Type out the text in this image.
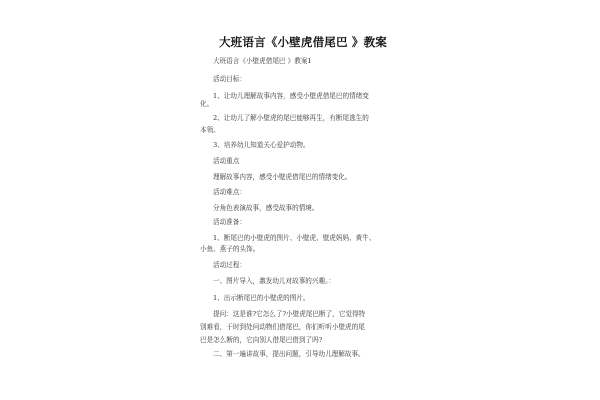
大班语言《小壁虎借尾巴 》教案
大班语言《小壁虎借尾巴 》教案1
活动目标：
1、让幼儿理解故事内容，感受小壁虎借尾巴的情绪变
化。
2、让幼儿了解小壁虎的尾巴能够再生，有断尾逃生的
本领。
3、培养幼儿知道关心爱护动物。
活动重点
理解故事内容，感受小壁虎借尾巴的情绪变化。
活动难点：
分角色表演故事，感受故事的情境。
活动准备：
1、断尾巴的小壁虎的图片、小壁虎、壁虎妈妈、黄牛、
小鱼、燕子的头饰。
活动过程：
一、图片导入，激发幼儿对故事的兴趣。：
1、出示断尾巴的小壁虎的图片。
提问：这是谁?它怎么了?小壁虎尾巴断了，它觉得特
别难看，于时到处问动物们借尾巴，你们听听小壁虎的尾
巴是怎么断的，它向别人借尾巴借到了吗?
二、第一遍讲故事，提出问题，引导幼儿理解故事。
